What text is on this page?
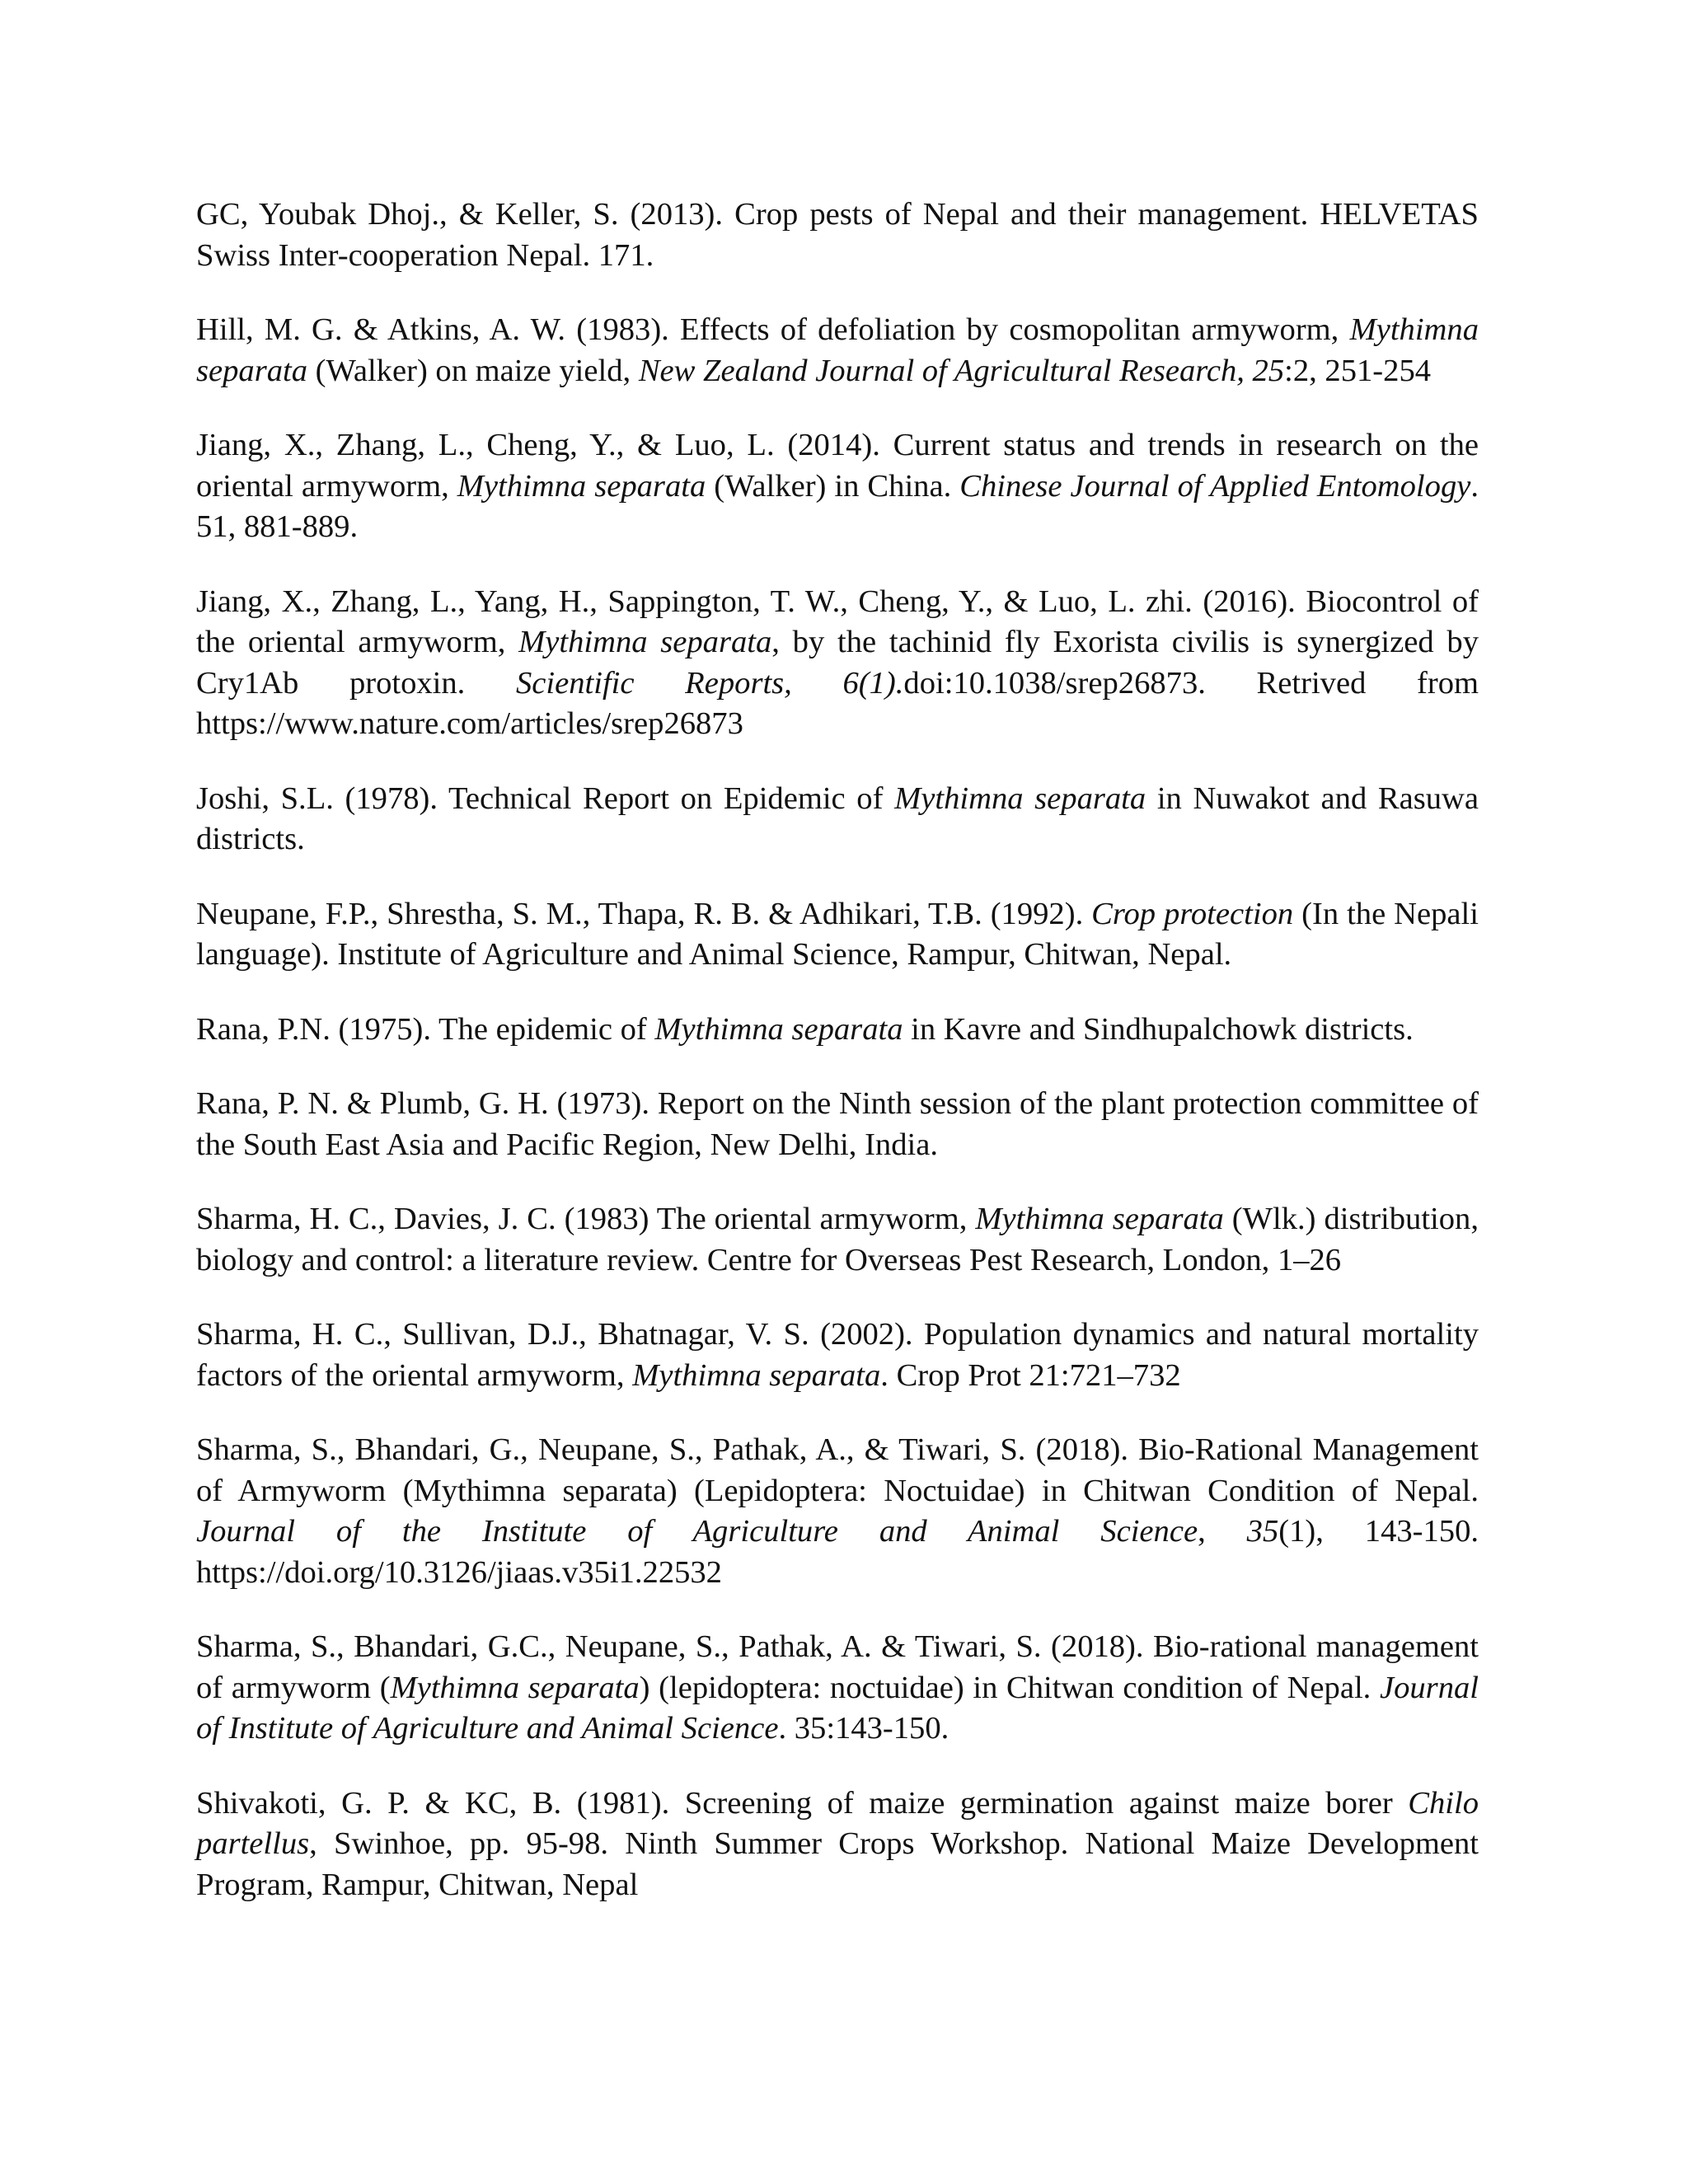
GC, Youbak Dhoj., & Keller, S. (2013). Crop pests of Nepal and their management. HELVETAS Swiss Inter-cooperation Nepal. 171.

Hill, M. G. & Atkins, A. W. (1983). Effects of defoliation by cosmopolitan armyworm, Mythimna separata (Walker) on maize yield, New Zealand Journal of Agricultural Research, 25:2, 251-254

Jiang, X., Zhang, L., Cheng, Y., & Luo, L. (2014). Current status and trends in research on the oriental armyworm, Mythimna separata (Walker) in China. Chinese Journal of Applied Entomology. 51, 881-889.

Jiang, X., Zhang, L., Yang, H., Sappington, T. W., Cheng, Y., & Luo, L. zhi. (2016). Biocontrol of the oriental armyworm, Mythimna separata, by the tachinid fly Exorista civilis is synergized by Cry1Ab protoxin. Scientific Reports, 6(1).doi:10.1038/srep26873. Retrived from https://www.nature.com/articles/srep26873

Joshi, S.L. (1978). Technical Report on Epidemic of Mythimna separata in Nuwakot and Rasuwa districts.

Neupane, F.P., Shrestha, S. M., Thapa, R. B. & Adhikari, T.B. (1992). Crop protection (In the Nepali language). Institute of Agriculture and Animal Science, Rampur, Chitwan, Nepal.

Rana, P.N. (1975). The epidemic of Mythimna separata in Kavre and Sindhupalchowk districts.

Rana, P. N. & Plumb, G. H. (1973). Report on the Ninth session of the plant protection committee of the South East Asia and Pacific Region, New Delhi, India.

Sharma, H. C., Davies, J. C. (1983) The oriental armyworm, Mythimna separata (Wlk.) distribution, biology and control: a literature review. Centre for Overseas Pest Research, London, 1–26

Sharma, H. C., Sullivan, D.J., Bhatnagar, V. S. (2002). Population dynamics and natural mortality factors of the oriental armyworm, Mythimna separata. Crop Prot 21:721–732

Sharma, S., Bhandari, G., Neupane, S., Pathak, A., & Tiwari, S. (2018). Bio-Rational Management of Armyworm (Mythimna separata) (Lepidoptera: Noctuidae) in Chitwan Condition of Nepal. Journal of the Institute of Agriculture and Animal Science, 35(1), 143-150. https://doi.org/10.3126/jiaas.v35i1.22532

Sharma, S., Bhandari, G.C., Neupane, S., Pathak, A. & Tiwari, S. (2018). Bio-rational management of armyworm (Mythimna separata) (lepidoptera: noctuidae) in Chitwan condition of Nepal. Journal of Institute of Agriculture and Animal Science. 35:143-150.

Shivakoti, G. P. & KC, B. (1981). Screening of maize germination against maize borer Chilo partellus, Swinhoe, pp. 95-98. Ninth Summer Crops Workshop. National Maize Development Program, Rampur, Chitwan, Nepal
